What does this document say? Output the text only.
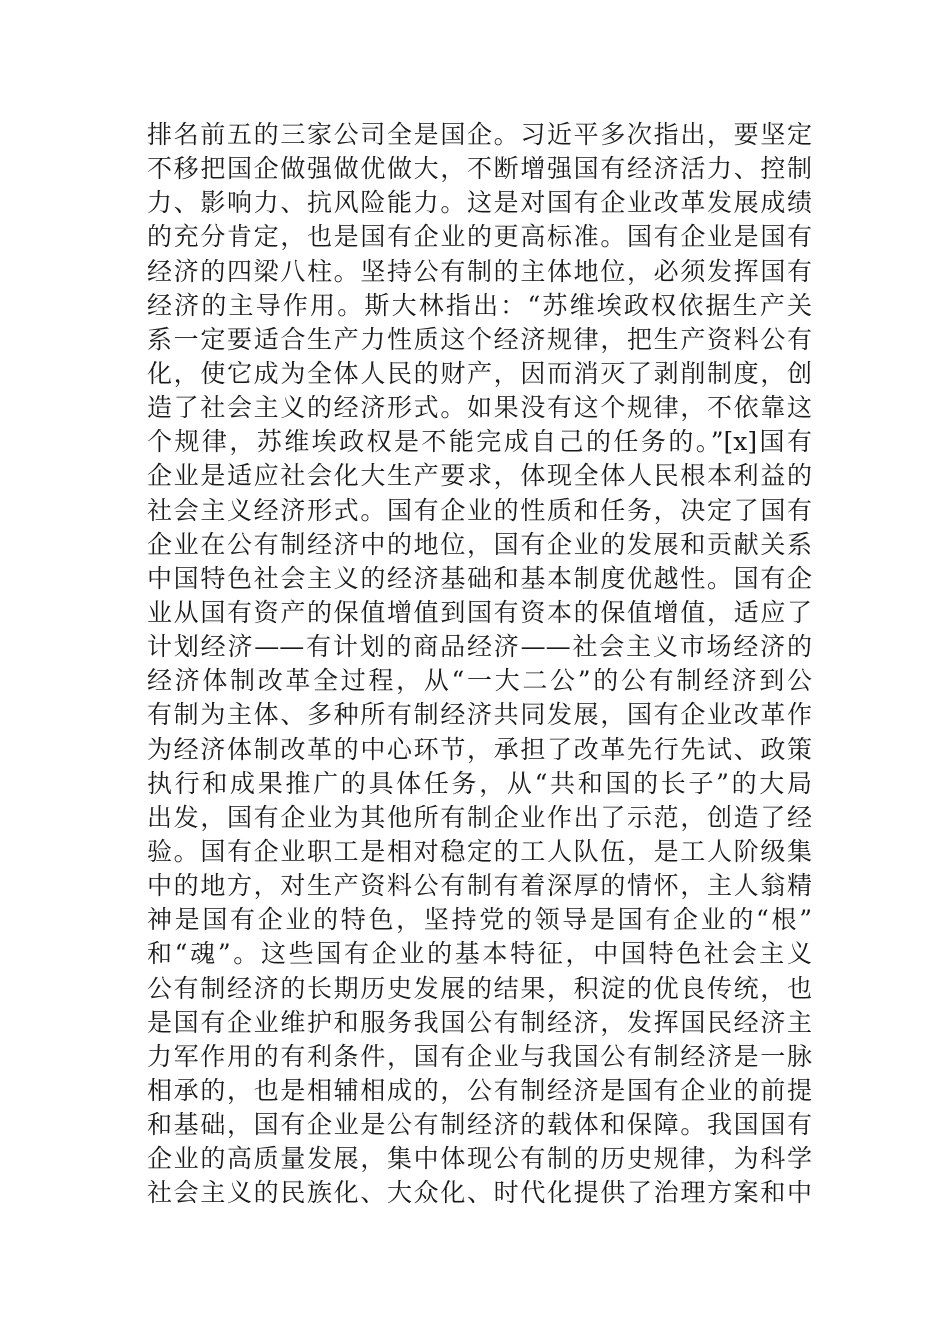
排名前五的三家公司全是国企。习近平多次指出，要坚定
不移把国企做强做优做大，不断增强国有经济活力、控制
力、影响力、抗风险能力。这是对国有企业改革发展成绩
的充分肯定，也是国有企业的更高标准。国有企业是国有
经济的四梁八柱。坚持公有制的主体地位，必须发挥国有
经济的主导作用。斯大林指出：“苏维埃政权依据生产关
系一定要适合生产力性质这个经济规律，把生产资料公有
化，使它成为全体人民的财产，因而消灭了剥削制度，创
造了社会主义的经济形式。如果没有这个规律，不依靠这
个规律，苏维埃政权是不能完成自己的任务的。”[x]国有
企业是适应社会化大生产要求，体现全体人民根本利益的
社会主义经济形式。国有企业的性质和任务，决定了国有
企业在公有制经济中的地位，国有企业的发展和贡献关系
中国特色社会主义的经济基础和基本制度优越性。国有企
业从国有资产的保值增值到国有资本的保值增值，适应了
计划经济——有计划的商品经济——社会主义市场经济的
经济体制改革全过程，从“一大二公”的公有制经济到公
有制为主体、多种所有制经济共同发展，国有企业改革作
为经济体制改革的中心环节，承担了改革先行先试、政策
执行和成果推广的具体任务，从“共和国的长子”的大局
出发，国有企业为其他所有制企业作出了示范，创造了经
验。国有企业职工是相对稳定的工人队伍，是工人阶级集
中的地方，对生产资料公有制有着深厚的情怀，主人翁精
神是国有企业的特色，坚持党的领导是国有企业的“根”
和“魂”。这些国有企业的基本特征，中国特色社会主义
公有制经济的长期历史发展的结果，积淀的优良传统，也
是国有企业维护和服务我国公有制经济，发挥国民经济主
力军作用的有利条件，国有企业与我国公有制经济是一脉
相承的，也是相辅相成的，公有制经济是国有企业的前提
和基础，国有企业是公有制经济的载体和保障。我国国有
企业的高质量发展，集中体现公有制的历史规律，为科学
社会主义的民族化、大众化、时代化提供了治理方案和中
